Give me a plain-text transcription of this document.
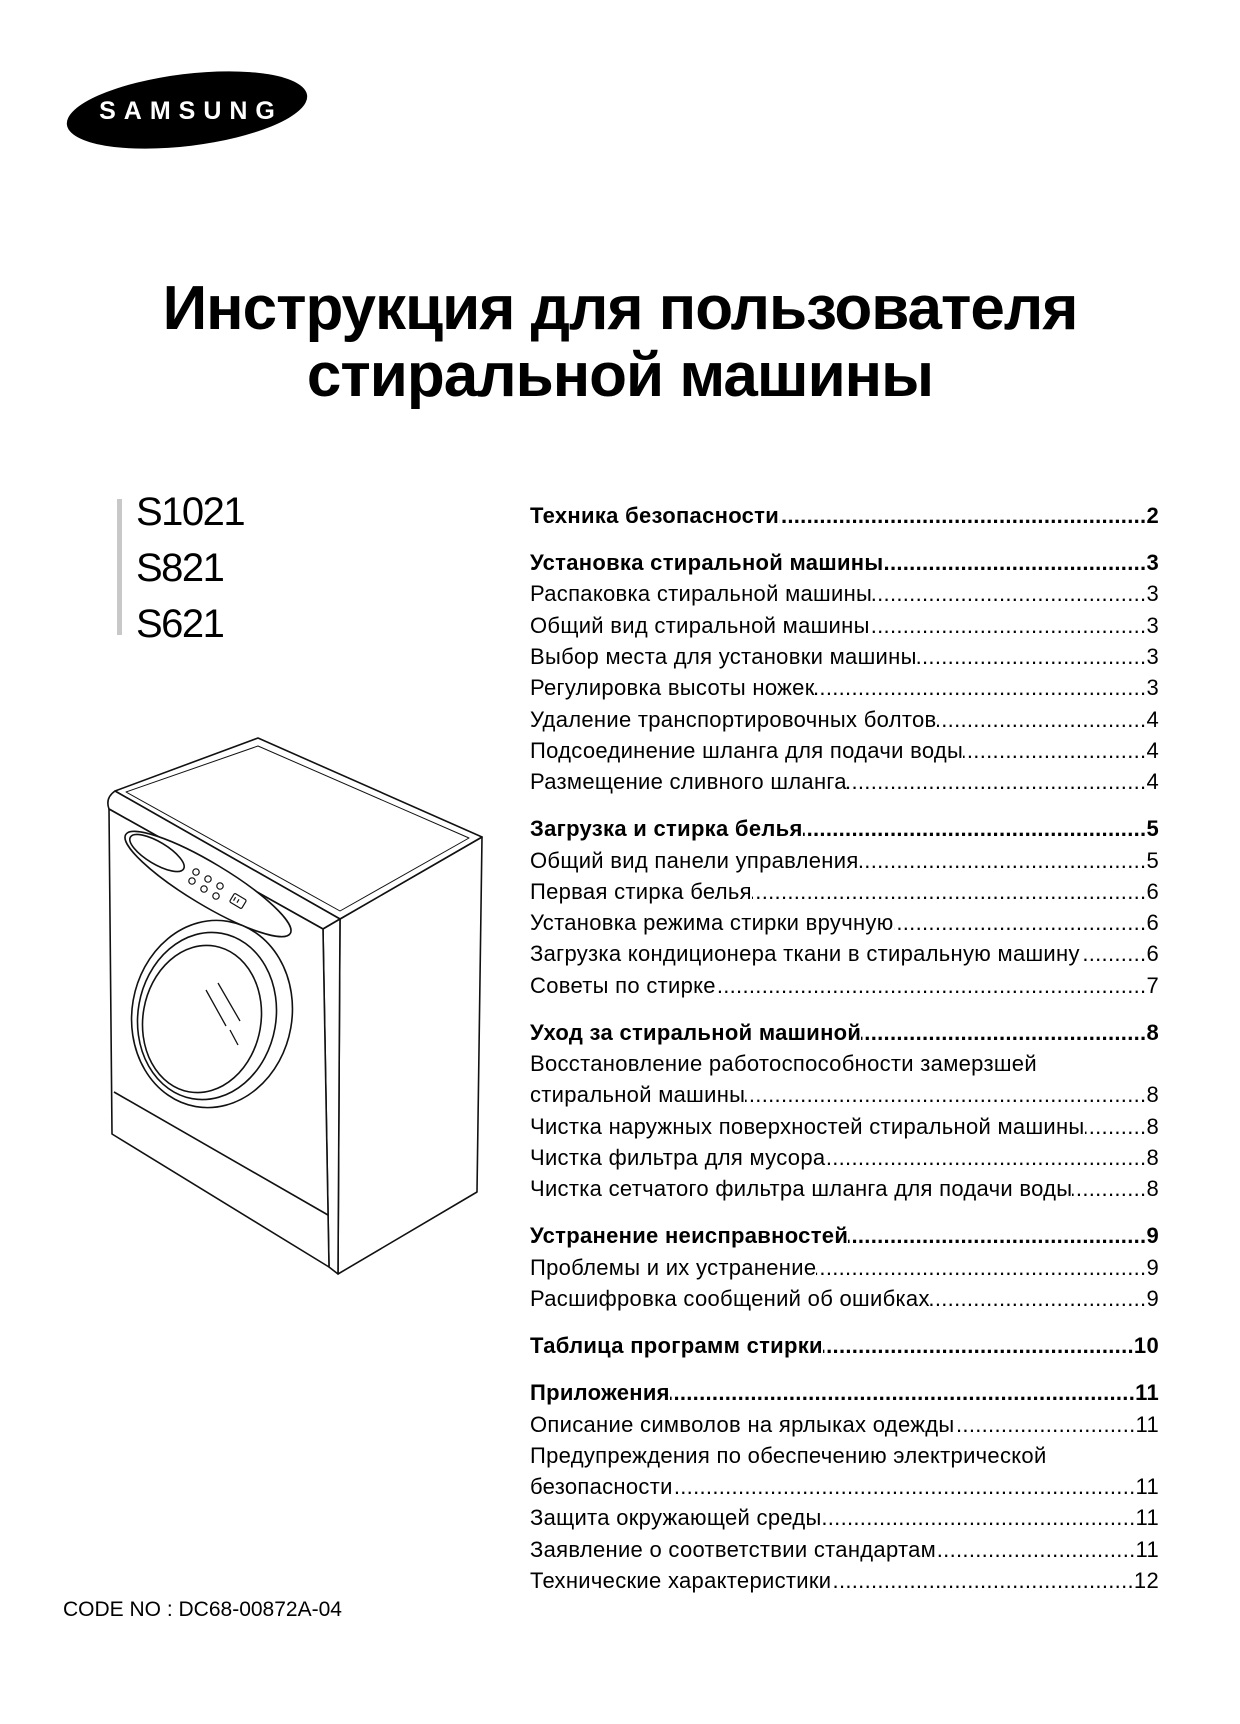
SAMSUNG
Инструкция для пользователя
стиральной машины
S1021
S821
S621
Техника безопасности .....	2
Установка стиральной машины .....	3
Распаковка стиральной машины .....	3
Общий вид стиральной машины .....	3
Выбор места для установки машины .....	3
Регулировка высоты ножек .....	3
Удаление транспортировочных болтов .....	4
Подсоединение шланга для подачи воды .....	4
Размещение сливного шланга .....	4
Загрузка и стирка белья .....	5
Общий вид панели управления .....	5
Первая стирка белья .....	6
Установка режима стирки вручную .....	6
Загрузка кондиционера ткани в стиральную машину .....	6
Советы по стирке .....	7
Уход за стиральной машиной .....	8
Восстановление работоспособности замерзшей
стиральной машины .....	8
Чистка наружных поверхностей стиральной машины .....	8
Чистка фильтра для мусора .....	8
Чистка сетчатого фильтра шланга для подачи воды .....	8
Устранение неисправностей .....	9
Проблемы и их устранение .....	9
Расшифровка сообщений об ошибках .....	9
Таблица программ стирки .....	10
Приложения .....	11
Описание символов на ярлыках одежды .....	11
Предупреждения по обеспечению электрической
безопасности .....	11
Защита окружающей среды .....	11
Заявление о соответствии стандартам .....	11
Технические характеристики .....	12
CODE NO : DC68-00872A-04
